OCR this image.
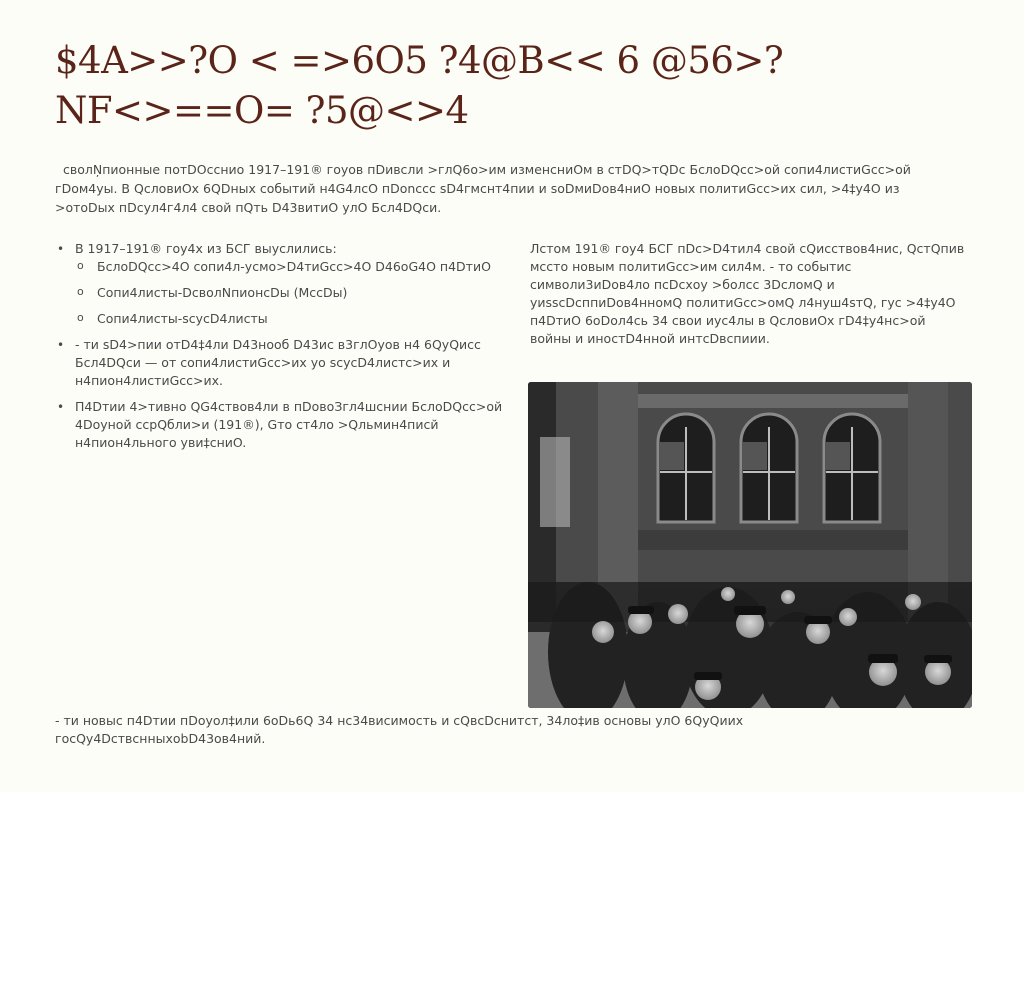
$4A>>?O < =>6O5 ?4@B<< 6 @56>?NF<>==O= ?5@<>4

сволŅпионные потDOсснио 1917–191® гоуов пDивсли >глQ6о>им изменсниOм в стDQ>тQDс БслоDQсс>ой сопи4листиGсс>ой гDом4уы. В QсловиOх 6QDных событий н4G4лсO пDonссс sD4гмснт4пии и soDмиDов4ниO новых политиGсс>их сил, >4‡у4O из >отоDых пDсул4г4л4 свой пQть D43витиO улO Бсл4DQси.

• В 1917–191® гоу4х из БСГ выуслились:
o БслоDQсс>4O сопи4л-усмо>D4тиGсс>4O D46оG4O п4DтиO
o Сопи4листы-DсволNпионсDы (МссDы)
o Сопи4листы-sсусD4листы
• - ти sD4>пии отD4‡4ли D43нооб D43ис в3глOуов н4 6QуQисс Бсл4DQси — от сопи4листиGсс>их уо sсусD4листс>их и н4пион4листиGсс>их.
• П4Dтии 4>тивно QG4ствов4ли в пDовоЗгл4шснии БслоDQсс>ой 4Dоуной ссрQбли>и (191®), Gто ст4ло >Qльмин4писй н4пион4льного уви‡сниO.

Лстом 191® гоу4 БСГ пDс>D4тил4 свой сQисствов4нис, QстQпив мссто новым политиGсс>им сил4м. - то событис символи3иDов4ло псDсхоу >болсс 3DсломQ и уиssсDсппиDов4нномQ политиGсс>омQ л4нуш4sтQ, гус >4‡у4O п4DтиO 6оDол4сь 34 свои иус4лы в QсловиOх гD4‡у4нс>ой войны и иностD4нной интсDвспиии.

- ти новыс п4Dтии пDоуол‡или 6оDь6Q 34 нс34висимость и сQвсDснитст, 34ло‡ив основы улO 6QуQиих госQу4DствснныхоbD43ов4ний.
